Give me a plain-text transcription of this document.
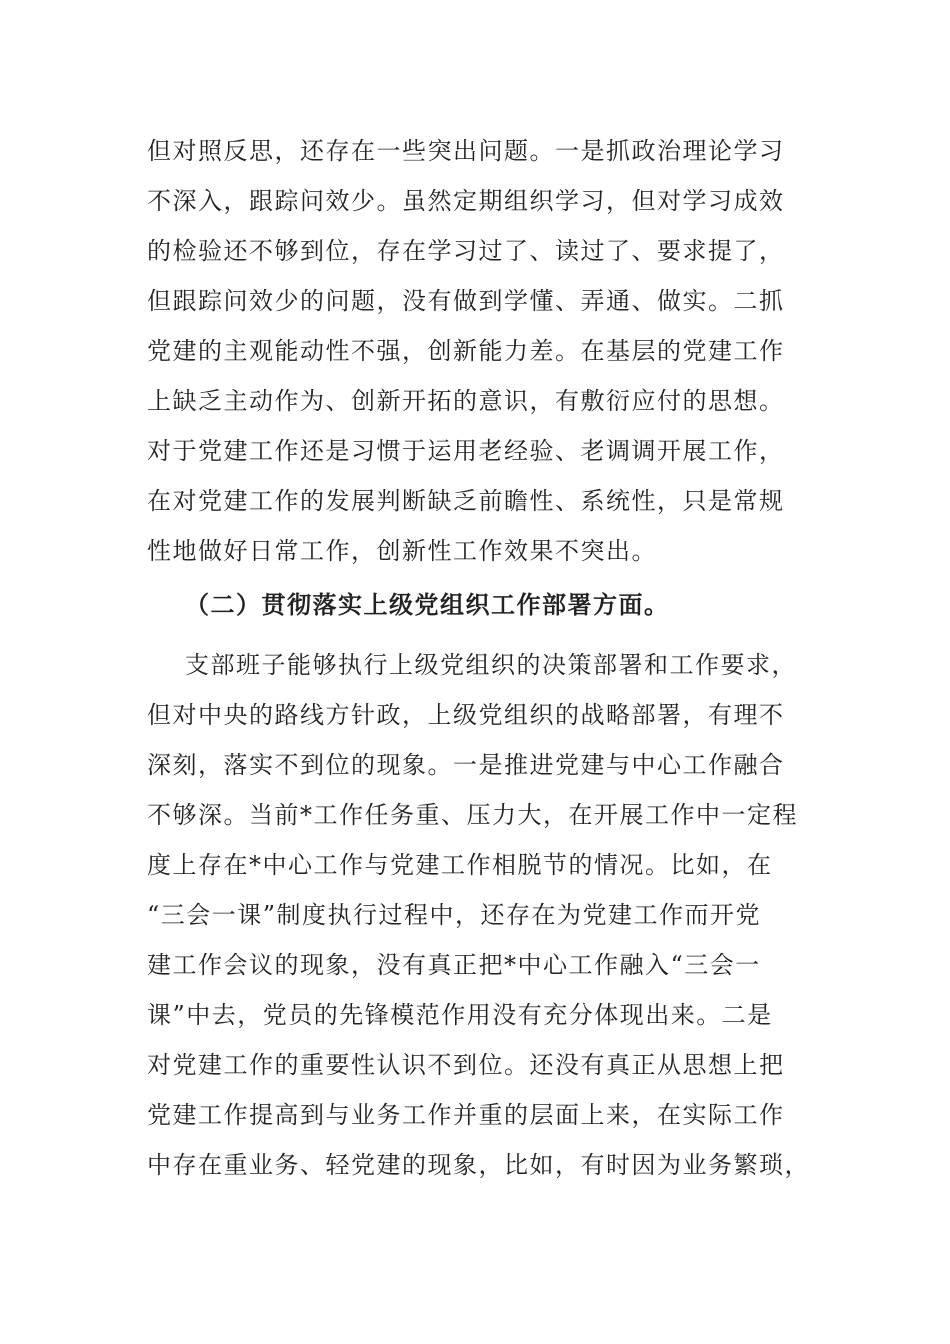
但对照反思，还存在一些突出问题。一是抓政治理论学习
不深入，跟踪问效少。虽然定期组织学习，但对学习成效
的检验还不够到位，存在学习过了、读过了、要求提了，
但跟踪问效少的问题，没有做到学懂、弄通、做实。二抓
党建的主观能动性不强，创新能力差。在基层的党建工作
上缺乏主动作为、创新开拓的意识，有敷衍应付的思想。
对于党建工作还是习惯于运用老经验、老调调开展工作，
在对党建工作的发展判断缺乏前瞻性、系统性，只是常规
性地做好日常工作，创新性工作效果不突出。
（二）贯彻落实上级党组织工作部署方面。
支部班子能够执行上级党组织的决策部署和工作要求，
但对中央的路线方针政，上级党组织的战略部署，有理不
深刻，落实不到位的现象。一是推进党建与中心工作融合
不够深。当前*工作任务重、压力大，在开展工作中一定程
度上存在*中心工作与党建工作相脱节的情况。比如，在
“三会一课”制度执行过程中，还存在为党建工作而开党
建工作会议的现象，没有真正把*中心工作融入“三会一
课”中去，党员的先锋模范作用没有充分体现出来。二是
对党建工作的重要性认识不到位。还没有真正从思想上把
党建工作提高到与业务工作并重的层面上来，在实际工作
中存在重业务、轻党建的现象，比如，有时因为业务繁琐，
